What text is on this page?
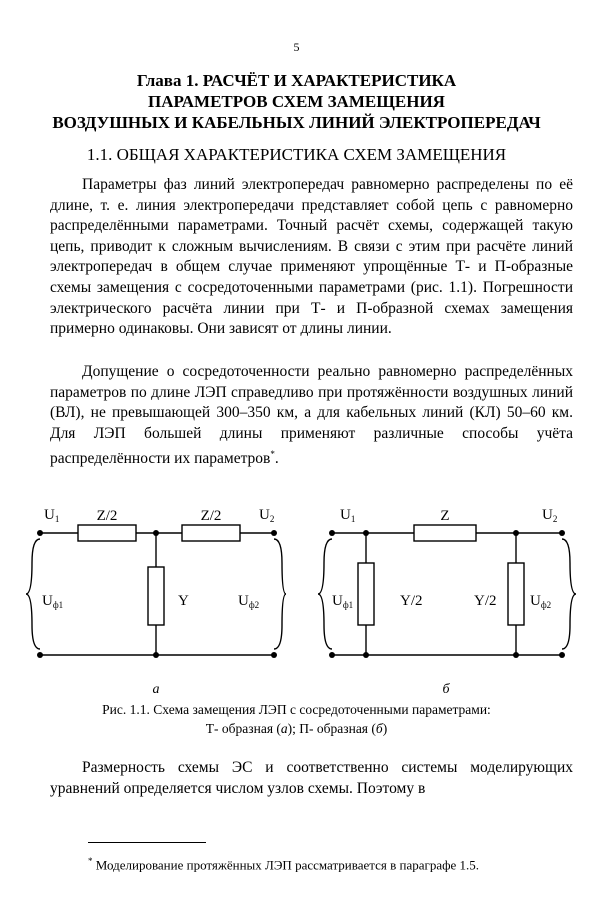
5
Глава 1. РАСЧЁТ И ХАРАКТЕРИСТИКА
ПАРАМЕТРОВ СХЕМ ЗАМЕЩЕНИЯ
ВОЗДУШНЫХ И КАБЕЛЬНЫХ ЛИНИЙ ЭЛЕКТРОПЕРЕДАЧ
1.1. ОБЩАЯ ХАРАКТЕРИСТИКА СХЕМ ЗАМЕЩЕНИЯ

Параметры фаз линий электропередач равномерно распределены по её длине, т. е. линия электропередачи представляет собой цепь с равномерно распределёнными параметрами. Точный расчёт схемы, содержащей такую цепь, приводит к сложным вычислениям. В связи с этим при расчёте линий электропередач в общем случае применяют упрощённые Т- и П-образные схемы замещения с сосредоточенными параметрами (рис. 1.1). Погрешности электрического расчёта линии при Т- и П-образной схемах замещения примерно одинаковы. Они зависят от длины линии.

Допущение о сосредоточенности реально равномерно распределённых параметров по длине ЛЭП справедливо при протяжённости воздушных линий (ВЛ), не превышающей 300–350 км, а для кабельных линий (КЛ) 50–60 км. Для ЛЭП большей длины применяют различные способы учёта распределённости их параметров*.

$U_1$	$U_2$
Z/2	Z/2
Y
$U_{ф1}$	$U_{ф2}$
а
$U_1$	$U_2$
Z
Y/2	Y/2
$U_{ф1}$	$U_{ф2}$
б
Рис. 1.1. Схема замещения ЛЭП с сосредоточенными параметрами:
Т- образная (а); П- образная (б)

Размерность схемы ЭС и соответственно системы моделирующих уравнений определяется числом узлов схемы. Поэтому в

* Моделирование протяжённых ЛЭП рассматривается в параграфе 1.5.
